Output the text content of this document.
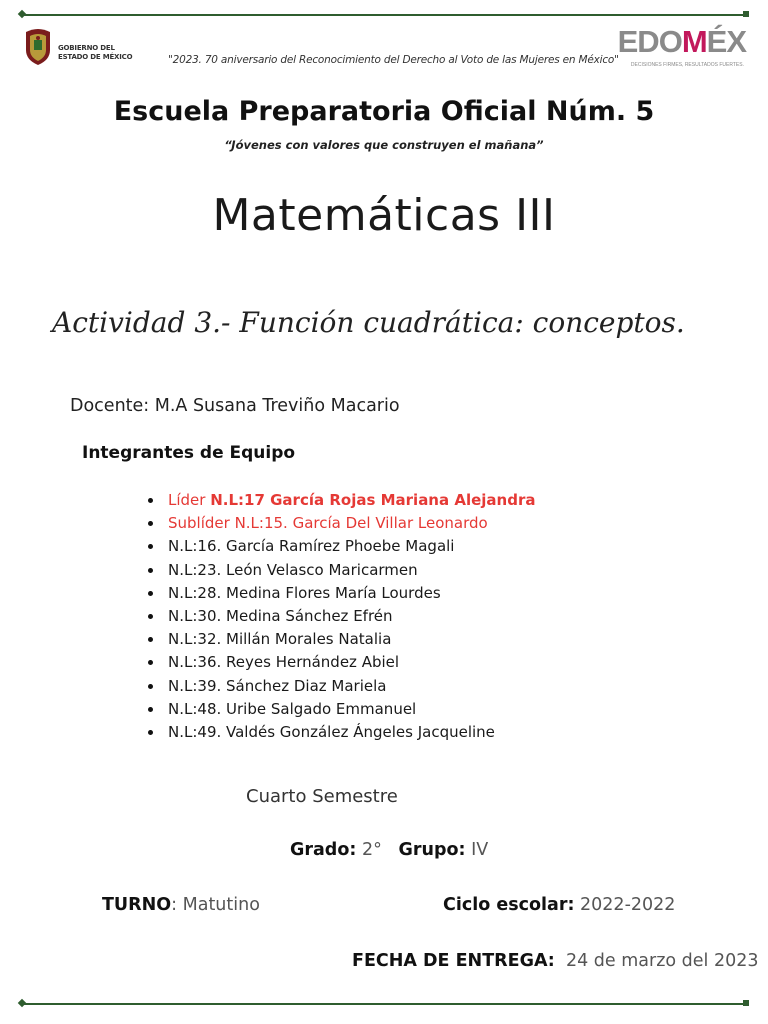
GOBIERNO DEL
ESTADO DE MÉXICO	"2023. 70 aniversario del Reconocimiento del Derecho al Voto de las Mujeres en México"
EDOMÉX
DECISIONES FIRMES, RESULTADOS FUERTES.
Escuela Preparatoria Oficial Núm. 5
“Jóvenes con valores que construyen el mañana”
Matemáticas III
Actividad 3.- Función cuadrática: conceptos.
Docente: M.A Susana Treviño Macario
Integrantes de Equipo
Líder N.L:17 García Rojas Mariana Alejandra
Sublíder N.L:15. García Del Villar Leonardo
N.L:16. García Ramírez Phoebe Magali
N.L:23. León Velasco Maricarmen
N.L:28. Medina Flores María Lourdes
N.L:30. Medina Sánchez Efrén
N.L:32. Millán Morales Natalia
N.L:36. Reyes Hernández Abiel
N.L:39. Sánchez Diaz Mariela
N.L:48. Uribe Salgado Emmanuel
N.L:49. Valdés González Ángeles Jacqueline
Cuarto Semestre
Grado: 2° Grupo: IV
TURNO: Matutino	Ciclo escolar: 2022-2022
FECHA DE ENTREGA: 24 de marzo del 2023
